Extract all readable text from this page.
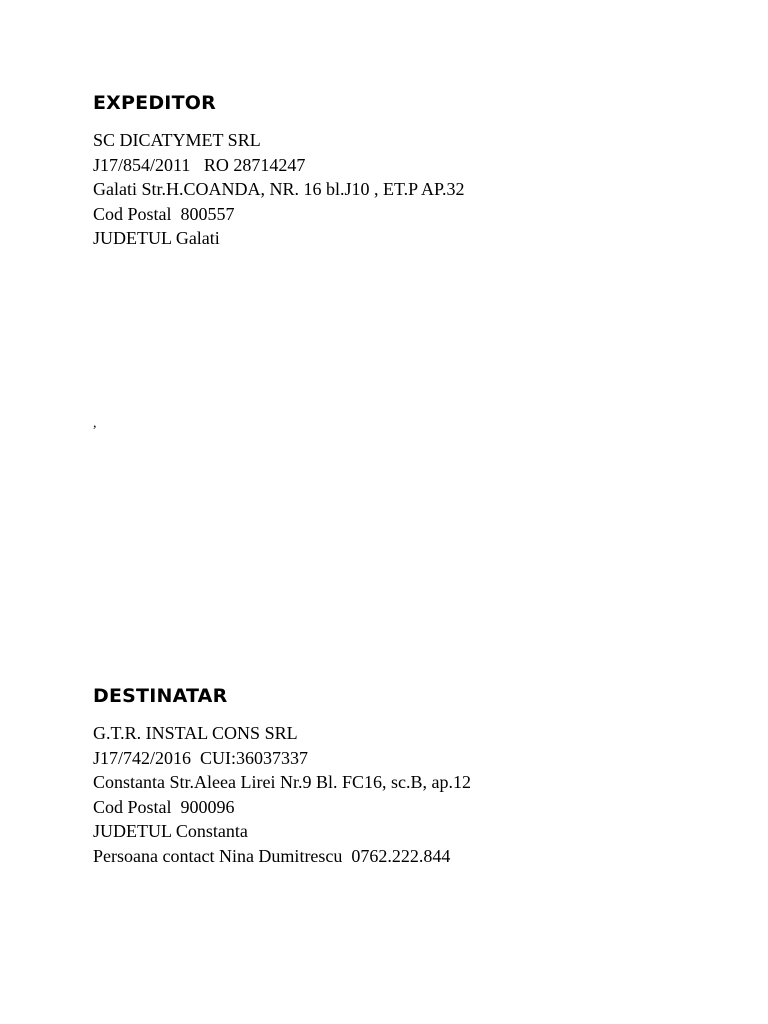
EXPEDITOR
SC DICATYMET SRL
J17/854/2011   RO 28714247
Galati Str.H.COANDA, NR. 16 bl.J10 , ET.P AP.32
Cod Postal  800557
JUDETUL Galati
,
DESTINATAR
G.T.R. INSTAL CONS SRL
J17/742/2016  CUI:36037337
Constanta Str.Aleea Lirei Nr.9 Bl. FC16, sc.B, ap.12
Cod Postal  900096
JUDETUL Constanta
Persoana contact Nina Dumitrescu  0762.222.844
